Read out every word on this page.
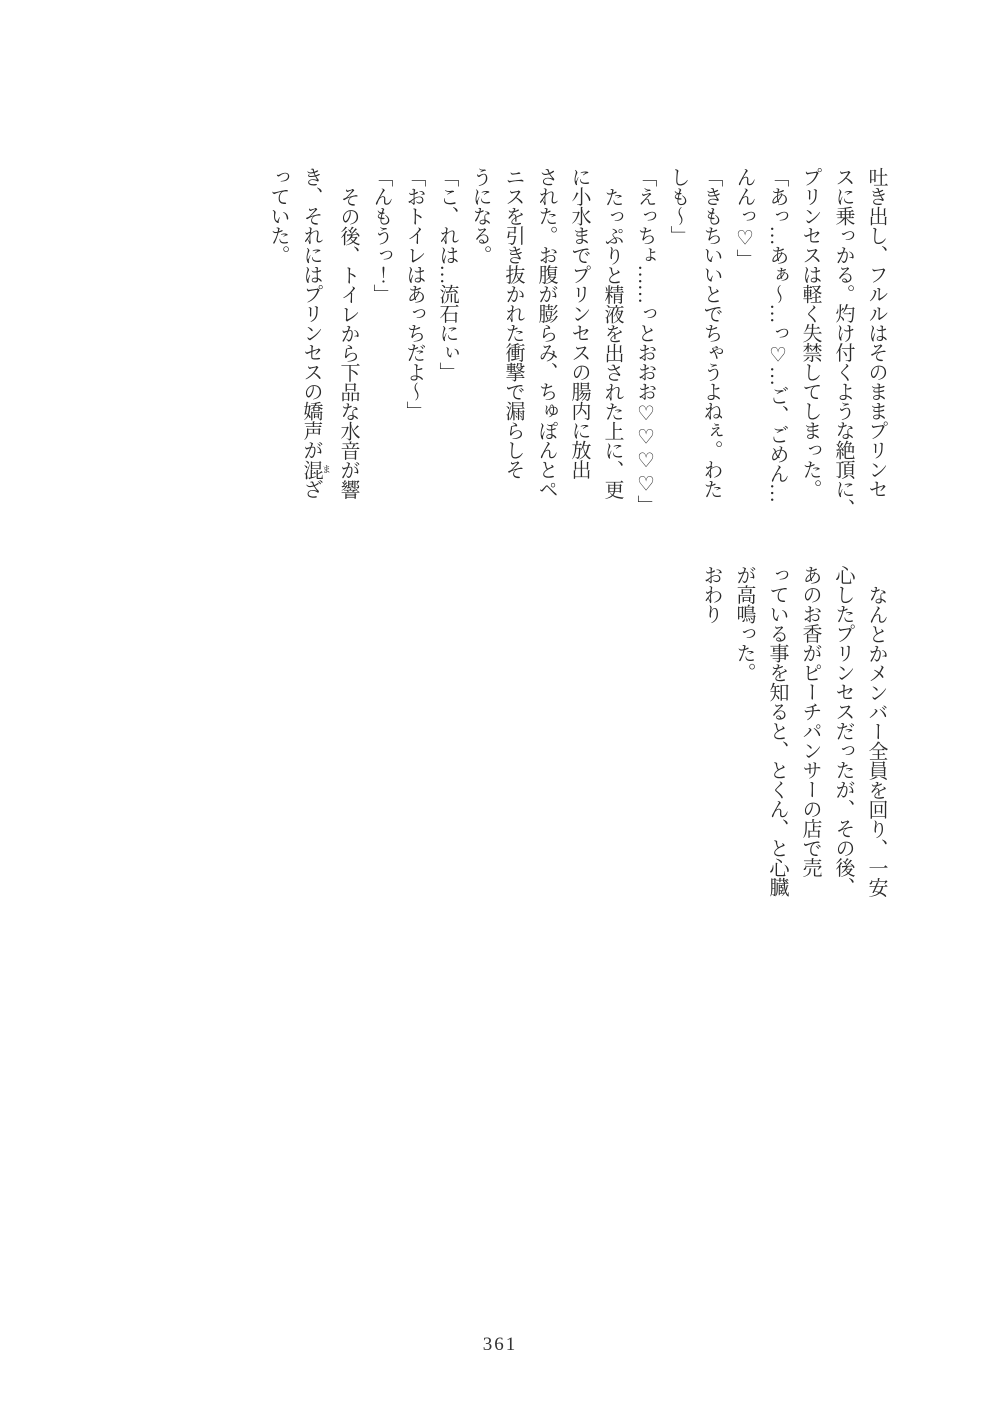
吐き出し、フルルはそのままプリンセ

スに乗っかる。灼け付くような絶頂に、

プリンセスは軽く失禁してしまった。

「あっ…あぁ～…っ♡…ご、ごめん…

んんっ♡」

「きもちいいとでちゃうよねぇ。わた

しも～」

「えっちょ……っとおおお♡♡♡♡」

たっぷりと精液を出された上に、更

に小水までプリンセスの腸内に放出

された。お腹が膨らみ、ちゅぽんとペ

ニスを引き抜かれた衝撃で漏らしそ

うになる。

「こ、れは…流石にぃ」

「おトイレはあっちだよ～」

「んもうっ！」

その後、トイレから下品な水音が響

き、それにはプリンセスの嬌声が混 まざ

っていた。

なんとかメンバー全員を回り、一安

心したプリンセスだったが、その後、

あのお香がピーチパンサーの店で売

っている事を知ると、とくん、と心臓

が高鳴った。

おわり

361
